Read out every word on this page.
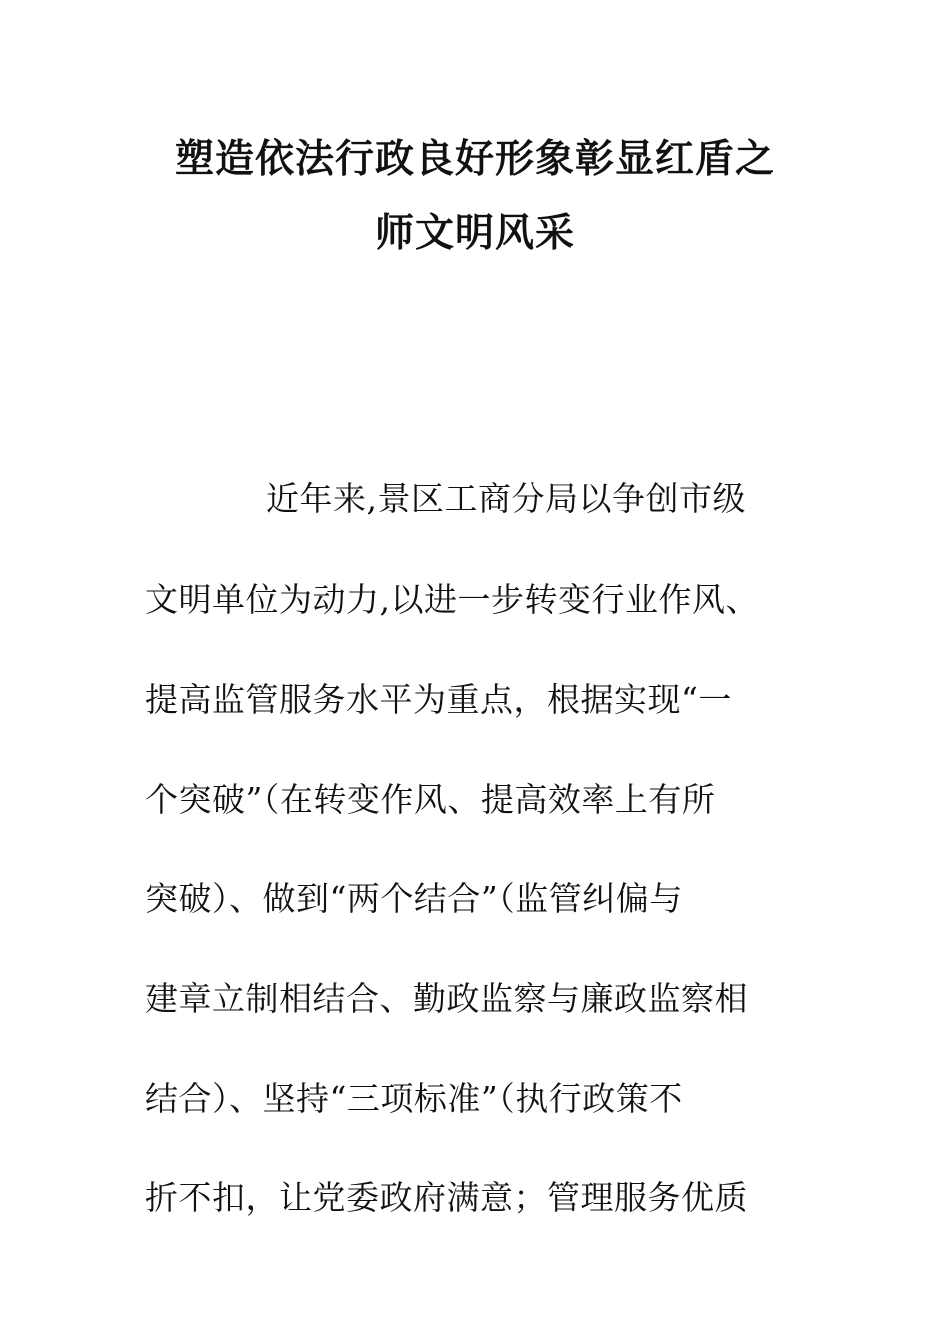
塑造依法行政良好形象彰显红盾之
师文明风采
近年来,景区工商分局以争创市级
文明单位为动力,以进一步转变行业作风、
提高监管服务水平为重点，根据实现“一
个突破”（在转变作风、提高效率上有所
突破）、做到“两个结合”（监管纠偏与
建章立制相结合、勤政监察与廉政监察相
结合）、坚持“三项标准”（执行政策不
折不扣，让党委政府满意；管理服务优质
